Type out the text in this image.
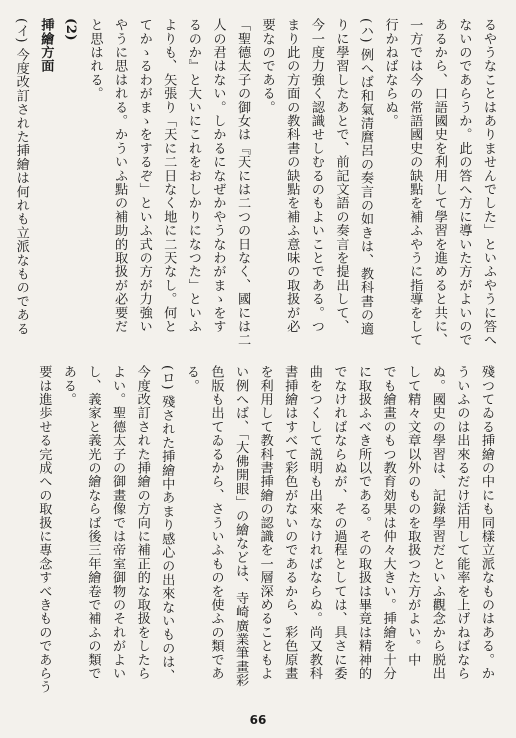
るやうなことはありませんでした」といふやうに答へ
ないのであらうか。此の答へ方に導いた方がよいので
あるから、口語國史を利用して學習を進めると共に、
一方では今の常語國史の缺點を補ふやうに指導をして
行かねばならぬ。
(ハ) 例へば和氣清麿呂の奏言の如きは、教科書の適
りに學習したあとで、前記文語の奏言を提出して、
今一度力強く認識せしむるのもよいことである。つ
まり此の方面の教科書の缺點を補ふ意味の取扱が必
要なのである。
「聖德太子の御女は『天には二つの日なく、國には二
人の君はない。しかるになぜかやうなわがまゝをす
るのか』と大いにこれをおしかりになつた」といふ
よりも、矢張り「天に二日なく地に二天なし。何と
てかゝるわがまゝをするぞ」といふ式の方が力強い
やうに思はれる。かういふ點の補助的取扱が必要だ
と思はれる。
(2)
挿繪方面
(イ) 今度改訂された挿繪は何れも立派なものである
殘つてゐる挿繪の中にも同樣立派なものはある。か
ういふのは出來るだけ活用して能率を上げねばなら
ぬ。國史の學習は、記錄學習だといふ觀念から脱出
して精々文章以外のものを取扱つた方がよい。中
でも繪畫のもつ教育効果は仲々大きい。挿繪を十分
に取扱ふべき所以である。その取扱は畢竟は精神的
でなければならぬが、その過程としては、具さに委
曲をつくして説明も出來なければならぬ。尚又教科
書挿繪はすべて彩色がないのであるから、彩色原畫
を利用して教科書挿繪の認識を一層深めることもよ
い例へば、「大佛開眼」の繪などは、寺崎廣業筆畫彩
色版も出てゐるから、さういふものを使ふの類であ
る。
(ロ) 殘された挿繪中あまり感心の出來ないものは、
今度改訂された挿繪の方向に補正的な取扱をしたら
よい。聖德太子の御畫像では帝室御物のそれがよい
し、義家と義光の繪ならば後三年繪卷で補ふの類で
ある。
要は進歩せる完成への取扱に專念すべきものであらう
66
